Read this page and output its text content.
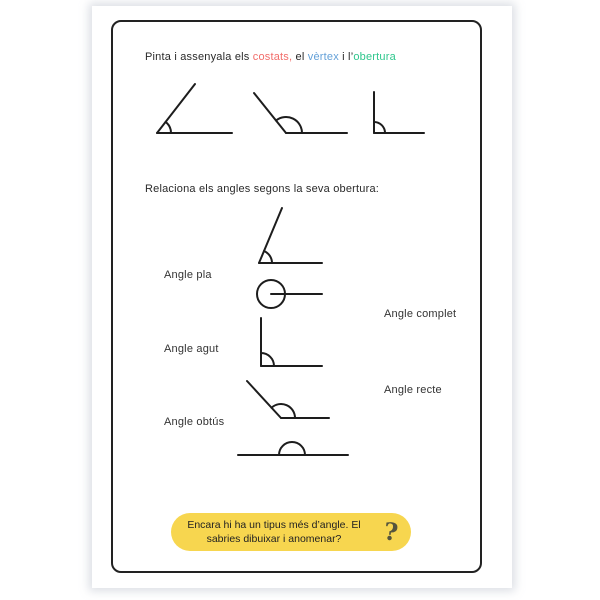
Pinta i assenyala els costats, el vèrtex i l’obertura
Relaciona els angles segons la seva obertura:
Angle pla
Angle agut
Angle obtús
Angle complet
Angle recte
Encara hi ha un tipus més d’angle. El
sabries dibuixar i anomenar?	?
